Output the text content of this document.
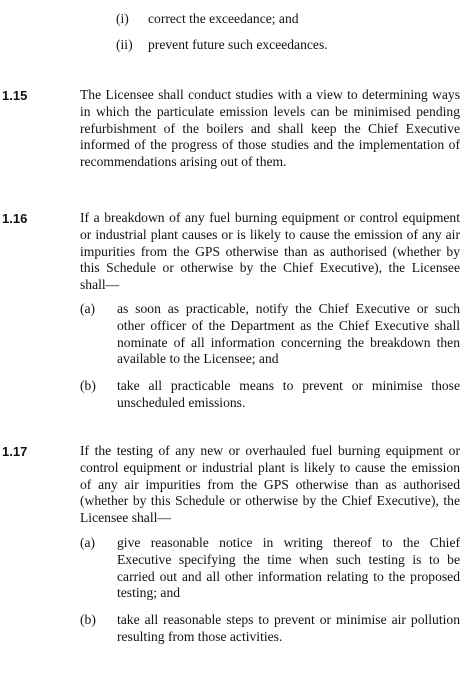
(i) correct the exceedance; and
(ii) prevent future such exceedances.
1.15	The Licensee shall conduct studies with a view to determining ways in which the particulate emission levels can be minimised pending refurbishment of the boilers and shall keep the Chief Executive informed of the progress of those studies and the implementation of recommendations arising out of them.

1.16	If a breakdown of any fuel burning equipment or control equipment or industrial plant causes or is likely to cause the emission of any air impurities from the GPS otherwise than as authorised (whether by this Schedule or otherwise by the Chief Executive), the Licensee shall—

(a)	as soon as practicable, notify the Chief Executive or such other officer of the Department as the Chief Executive shall nominate of all information concerning the breakdown then available to the Licensee; and
(b)	take all practicable means to prevent or minimise those unscheduled emissions.
1.17	If the testing of any new or overhauled fuel burning equipment or control equipment or industrial plant is likely to cause the emission of any air impurities from the GPS otherwise than as authorised (whether by this Schedule or otherwise by the Chief Executive), the Licensee shall—

(a)	give reasonable notice in writing thereof to the Chief Executive specifying the time when such testing is to be carried out and all other information relating to the proposed testing; and
(b)	take all reasonable steps to prevent or minimise air pollution resulting from those activities.
